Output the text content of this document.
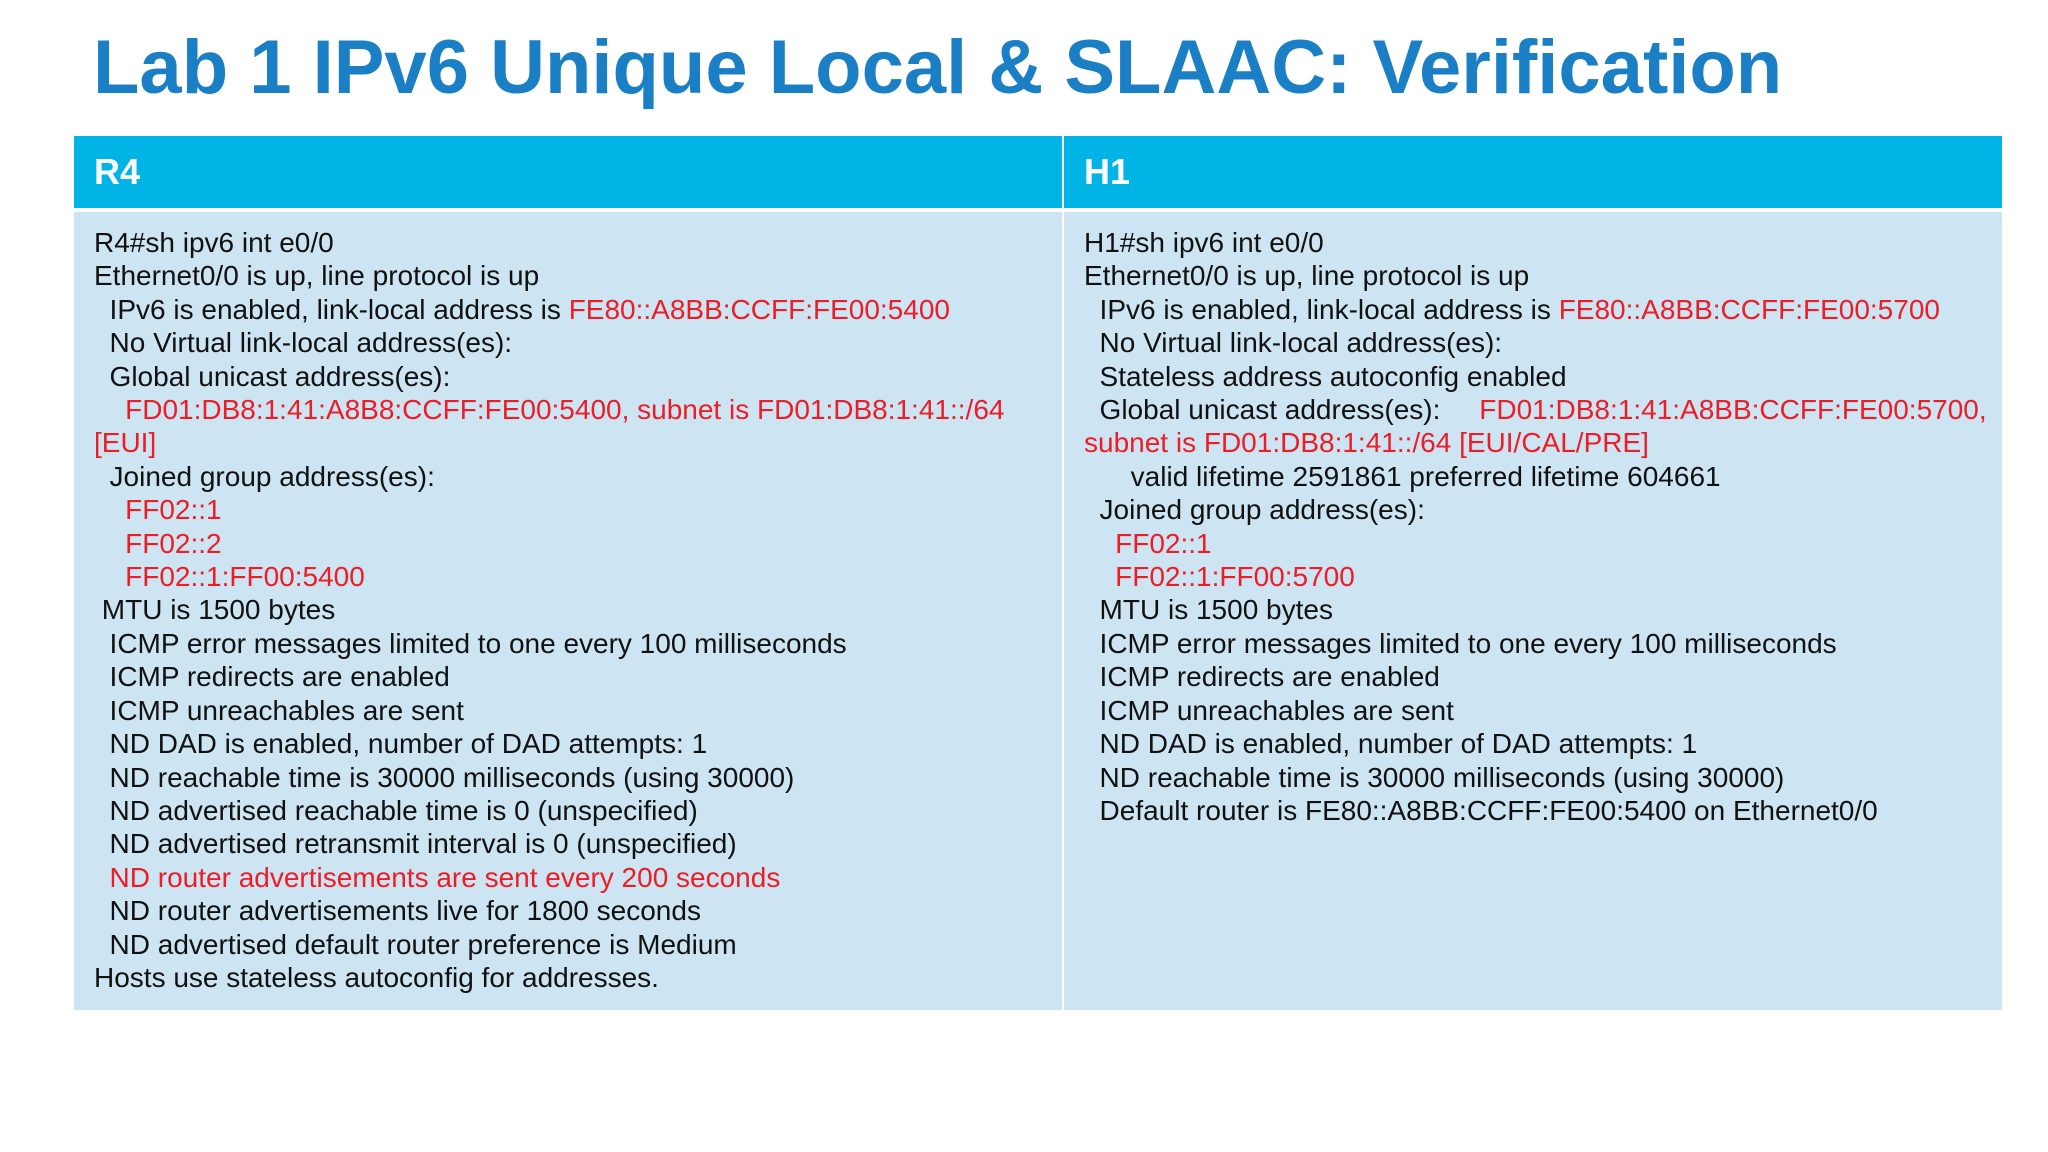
Lab 1 IPv6 Unique Local & SLAAC: Verification
R4	H1
R4#sh ipv6 int e0/0
Ethernet0/0 is up, line protocol is up
IPv6 is enabled, link-local address is FE80::A8BB:CCFF:FE00:5400
No Virtual link-local address(es):
Global unicast address(es):
FD01:DB8:1:41:A8B8:CCFF:FE00:5400, subnet is FD01:DB8:1:41::/64
[EUI]
Joined group address(es):
FF02::1
FF02::2
FF02::1:FF00:5400
MTU is 1500 bytes
ICMP error messages limited to one every 100 milliseconds
ICMP redirects are enabled
ICMP unreachables are sent
ND DAD is enabled, number of DAD attempts: 1
ND reachable time is 30000 milliseconds (using 30000)
ND advertised reachable time is 0 (unspecified)
ND advertised retransmit interval is 0 (unspecified)
ND router advertisements are sent every 200 seconds
ND router advertisements live for 1800 seconds
ND advertised default router preference is Medium
Hosts use stateless autoconfig for addresses.
H1#sh ipv6 int e0/0
Ethernet0/0 is up, line protocol is up
IPv6 is enabled, link-local address is FE80::A8BB:CCFF:FE00:5700
No Virtual link-local address(es):
Stateless address autoconfig enabled
Global unicast address(es):     FD01:DB8:1:41:A8BB:CCFF:FE00:5700,
subnet is FD01:DB8:1:41::/64 [EUI/CAL/PRE]
valid lifetime 2591861 preferred lifetime 604661
Joined group address(es):
FF02::1
FF02::1:FF00:5700
MTU is 1500 bytes
ICMP error messages limited to one every 100 milliseconds
ICMP redirects are enabled
ICMP unreachables are sent
ND DAD is enabled, number of DAD attempts: 1
ND reachable time is 30000 milliseconds (using 30000)
Default router is FE80::A8BB:CCFF:FE00:5400 on Ethernet0/0
